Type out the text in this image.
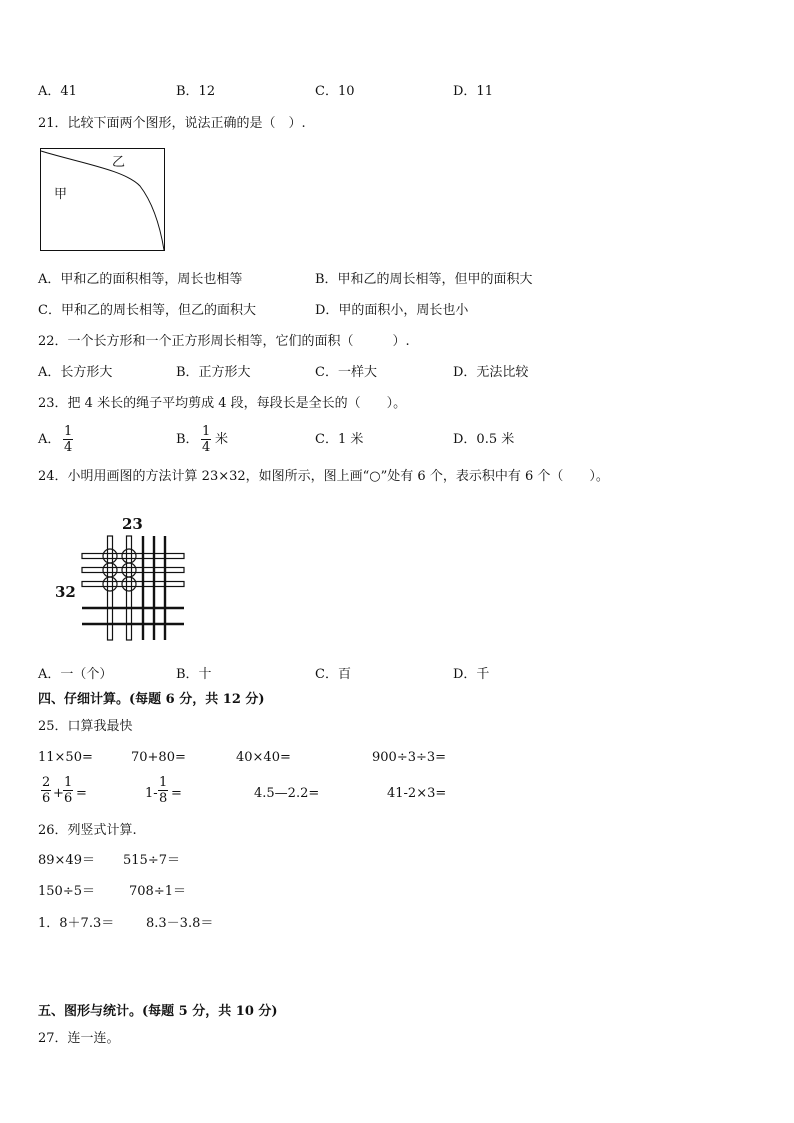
A．41	B．12	C．10	D．11
21．比较下面两个图形，说法正确的是（　）.
甲
乙
A．甲和乙的面积相等，周长也相等	B．甲和乙的周长相等，但甲的面积大
C．甲和乙的周长相等，但乙的面积大	D．甲的面积小，周长也小
22．一个长方形和一个正方形周长相等，它们的面积（　　　）.
A．长方形大	B．正方形大	C．一样大	D．无法比较
23．把 4 米长的绳子平均剪成 4 段，每段长是全长的（　　）。
A．
1
4
B．
1
4
米	C．1 米	D．0.5 米
24．小明用画图的方法计算 23×32，如图所示，图上画“○”处有 6 个，表示积中有 6 个（　　）。
23
32
A．一（个）	B．十	C．百	D．千
四、仔细计算。(每题 6 分，共 12 分)
25．口算我最快
11×50=	70+80=	40×40=	900÷3÷3=
2
6 +
1
6 =	1-
1
8 =	4.5—2.2=	41-2×3=
26．列竖式计算.
89×49＝ 515÷7＝
150÷5＝	708÷1＝
1．8＋7.3＝ 8.3－3.8＝
五、图形与统计。(每题 5 分，共 10 分)
27．连一连。
